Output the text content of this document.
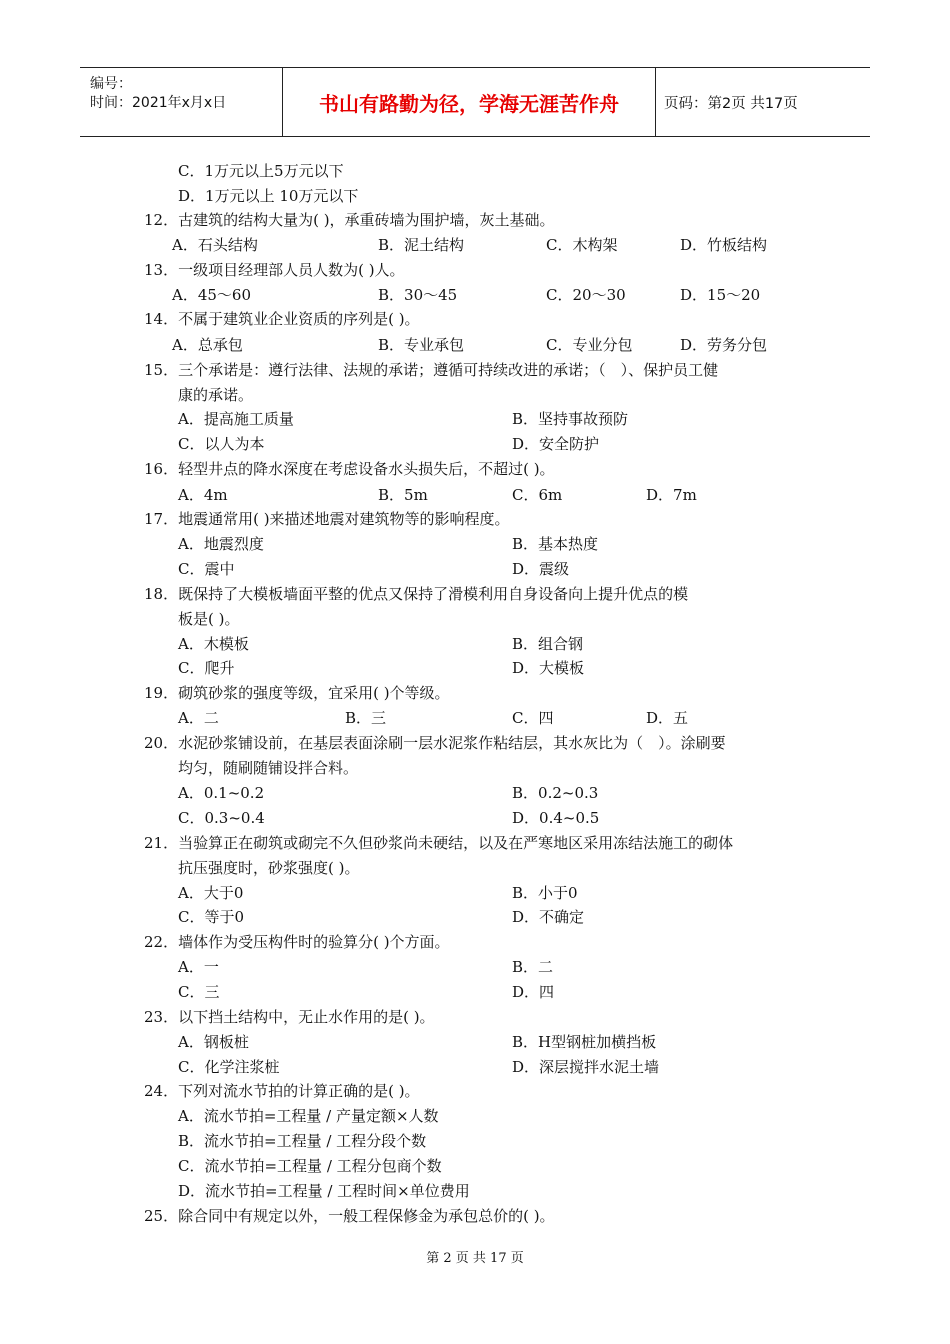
编号：
时间：2021年x月x日	书山有路勤为径，学海无涯苦作舟	页码：第2页 共17页
C．1万元以上5万元以下
D．1万元以上 10万元以下
12．古建筑的结构大量为( )，承重砖墙为围护墙，灰土基础。
A．石头结构	B．泥土结构	C．木构架	D．竹板结构
13．一级项目经理部人员人数为( )人。
A．45～60	B．30～45	C．20～30	D．15～20
14．不属于建筑业企业资质的序列是( )。
A．总承包	B．专业承包	C．专业分包	D．劳务分包
15．三个承诺是：遵行法律、法规的承诺；遵循可持续改进的承诺；（　）、保护员工健
康的承诺。
A．提高施工质量	B．坚持事故预防
C．以人为本	D．安全防护
16．轻型井点的降水深度在考虑设备水头损失后，不超过( )。
A．4m	B．5m	C．6m	D．7m
17．地震通常用( )来描述地震对建筑物等的影响程度。
A．地震烈度	B．基本热度
C．震中	D．震级
18．既保持了大模板墙面平整的优点又保持了滑模利用自身设备向上提升优点的模
板是( )。
A．木模板	B．组合钢
C．爬升	D．大模板
19．砌筑砂浆的强度等级，宜采用( )个等级。
A．二	B．三	C．四	D．五
20．水泥砂浆铺设前，在基层表面涂刷一层水泥浆作粘结层，其水灰比为（　）。涂刷要
均匀，随刷随铺设拌合料。
A．0.1~0.2	B．0.2~0.3
C．0.3~0.4	D．0.4~0.5
21．当验算正在砌筑或砌完不久但砂浆尚未硬结，以及在严寒地区采用冻结法施工的砌体
抗压强度时，砂浆强度( )。
A．大于0	B．小于0
C．等于0	D．不确定
22．墙体作为受压构件时的验算分( )个方面。
A．一	B．二
C．三	D．四
23．以下挡土结构中，无止水作用的是( )。
A．钢板桩	B．H型钢桩加横挡板
C．化学注浆桩	D．深层搅拌水泥土墙
24．下列对流水节拍的计算正确的是( )。
A．流水节拍=工程量 / 产量定额×人数
B．流水节拍=工程量 / 工程分段个数
C．流水节拍=工程量 / 工程分包商个数
D．流水节拍=工程量 / 工程时间×单位费用
25．除合同中有规定以外，一般工程保修金为承包总价的( )。
第 2 页 共 17 页
